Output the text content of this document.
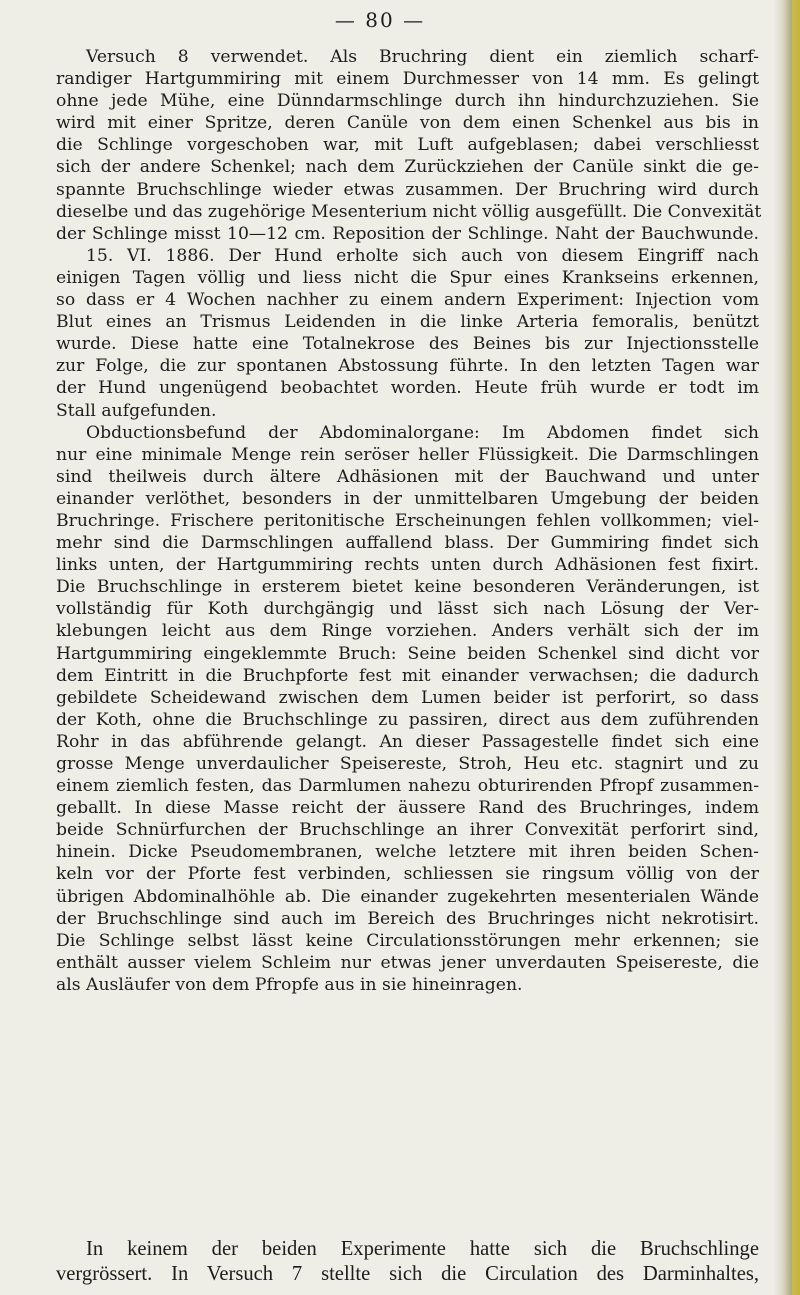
— 80 —
Versuch 8 verwendet. Als Bruchring dient ein ziemlich scharf-
randiger Hartgummiring mit einem Durchmesser von 14 mm. Es gelingt
ohne jede Mühe, eine Dünndarmschlinge durch ihn hindurchzuziehen. Sie
wird mit einer Spritze, deren Canüle von dem einen Schenkel aus bis in
die Schlinge vorgeschoben war, mit Luft aufgeblasen; dabei verschliesst
sich der andere Schenkel; nach dem Zurückziehen der Canüle sinkt die ge-
spannte Bruchschlinge wieder etwas zusammen. Der Bruchring wird durch
dieselbe und das zugehörige Mesenterium nicht völlig ausgefüllt. Die Convexität
der Schlinge misst 10—12 cm. Reposition der Schlinge. Naht der Bauchwunde.
15. VI. 1886. Der Hund erholte sich auch von diesem Eingriff nach
einigen Tagen völlig und liess nicht die Spur eines Krankseins erkennen,
so dass er 4 Wochen nachher zu einem andern Experiment: Injection vom
Blut eines an Trismus Leidenden in die linke Arteria femoralis, benützt
wurde. Diese hatte eine Totalnekrose des Beines bis zur Injectionsstelle
zur Folge, die zur spontanen Abstossung führte. In den letzten Tagen war
der Hund ungenügend beobachtet worden. Heute früh wurde er todt im
Stall aufgefunden.
Obductionsbefund der Abdominalorgane: Im Abdomen findet sich
nur eine minimale Menge rein seröser heller Flüssigkeit. Die Darmschlingen
sind theilweis durch ältere Adhäsionen mit der Bauchwand und unter
einander verlöthet, besonders in der unmittelbaren Umgebung der beiden
Bruchringe. Frischere peritonitische Erscheinungen fehlen vollkommen; viel-
mehr sind die Darmschlingen auffallend blass. Der Gummiring findet sich
links unten, der Hartgummiring rechts unten durch Adhäsionen fest fixirt.
Die Bruchschlinge in ersterem bietet keine besonderen Veränderungen, ist
vollständig für Koth durchgängig und lässt sich nach Lösung der Ver-
klebungen leicht aus dem Ringe vorziehen. Anders verhält sich der im
Hartgummiring eingeklemmte Bruch: Seine beiden Schenkel sind dicht vor
dem Eintritt in die Bruchpforte fest mit einander verwachsen; die dadurch
gebildete Scheidewand zwischen dem Lumen beider ist perforirt, so dass
der Koth, ohne die Bruchschlinge zu passiren, direct aus dem zuführenden
Rohr in das abführende gelangt. An dieser Passagestelle findet sich eine
grosse Menge unverdaulicher Speisereste, Stroh, Heu etc. stagnirt und zu
einem ziemlich festen, das Darmlumen nahezu obturirenden Pfropf zusammen-
geballt. In diese Masse reicht der äussere Rand des Bruchringes, indem
beide Schnürfurchen der Bruchschlinge an ihrer Convexität perforirt sind,
hinein. Dicke Pseudomembranen, welche letztere mit ihren beiden Schen-
keln vor der Pforte fest verbinden, schliessen sie ringsum völlig von der
übrigen Abdominalhöhle ab. Die einander zugekehrten mesenterialen Wände
der Bruchschlinge sind auch im Bereich des Bruchringes nicht nekrotisirt.
Die Schlinge selbst lässt keine Circulationsstörungen mehr erkennen; sie
enthält ausser vielem Schleim nur etwas jener unverdauten Speisereste, die
als Ausläufer von dem Pfropfe aus in sie hineinragen.
In keinem der beiden Experimente hatte sich die Bruchschlinge
vergrössert. In Versuch 7 stellte sich die Circulation des Darminhaltes,
